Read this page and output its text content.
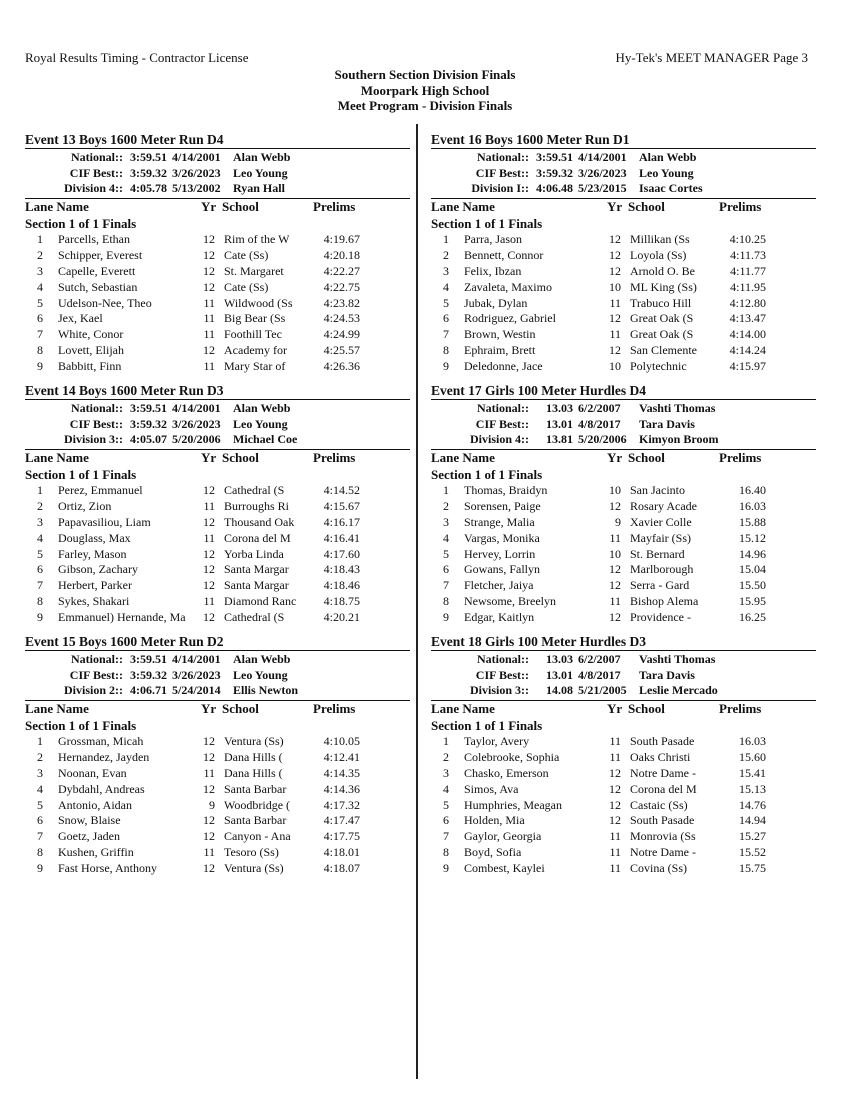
Royal Results Timing - Contractor License	Hy-Tek's MEET MANAGER Page 3
Southern Section Division Finals
Moorpark High School
Meet Program - Division Finals
Event 13 Boys 1600 Meter Run D4
National:: 3:59.51 4/14/2001 Alan Webb
CIF Best:: 3:59.32 3/26/2023 Leo Young
Division 4:: 4:05.78 5/13/2002 Ryan Hall
Lane Name	Yr School	Prelims
Section 1 of 1 Finals
1 Parcells, Ethan	12 Rim of the W	4:19.67
2 Schipper, Everest	12 Cate (Ss)	4:20.18
3 Capelle, Everett	12 St. Margaret	4:22.27
4 Sutch, Sebastian	12 Cate (Ss)	4:22.75
5 Udelson-Nee, Theo	11 Wildwood (Ss	4:23.82
6 Jex, Kael	11 Big Bear (Ss	4:24.53
7 White, Conor	11 Foothill Tec	4:24.99
8 Lovett, Elijah	12 Academy for	4:25.57
9 Babbitt, Finn	11 Mary Star of	4:26.36
Event 14 Boys 1600 Meter Run D3
National:: 3:59.51 4/14/2001 Alan Webb
CIF Best:: 3:59.32 3/26/2023 Leo Young
Division 3:: 4:05.07 5/20/2006 Michael Coe
Lane Name	Yr School	Prelims
Section 1 of 1 Finals
1 Perez, Emmanuel	12 Cathedral (S	4:14.52
2 Ortiz, Zion	11 Burroughs Ri	4:15.67
3 Papavasiliou, Liam	12 Thousand Oak	4:16.17
4 Douglass, Max	11 Corona del M	4:16.41
5 Farley, Mason	12 Yorba Linda	4:17.60
6 Gibson, Zachary	12 Santa Margar	4:18.43
7 Herbert, Parker	12 Santa Margar	4:18.46
8 Sykes, Shakari	11 Diamond Ranc	4:18.75
9 Emmanuel) Hernande, Ma	12 Cathedral (S	4:20.21
Event 15 Boys 1600 Meter Run D2
National:: 3:59.51 4/14/2001 Alan Webb
CIF Best:: 3:59.32 3/26/2023 Leo Young
Division 2:: 4:06.71 5/24/2014 Ellis Newton
Lane Name	Yr School	Prelims
Section 1 of 1 Finals
1 Grossman, Micah	12 Ventura (Ss)	4:10.05
2 Hernandez, Jayden	12 Dana Hills (	4:12.41
3 Noonan, Evan	11 Dana Hills (	4:14.35
4 Dybdahl, Andreas	12 Santa Barbar	4:14.36
5 Antonio, Aidan	9 Woodbridge (	4:17.32
6 Snow, Blaise	12 Santa Barbar	4:17.47
7 Goetz, Jaden	12 Canyon - Ana	4:17.75
8 Kushen, Griffin	11 Tesoro (Ss)	4:18.01
9 Fast Horse, Anthony	12 Ventura (Ss)	4:18.07
Event 16 Boys 1600 Meter Run D1
National:: 3:59.51 4/14/2001 Alan Webb
CIF Best:: 3:59.32 3/26/2023 Leo Young
Division I:: 4:06.48 5/23/2015 Isaac Cortes
Lane Name	Yr School	Prelims
Section 1 of 1 Finals
1 Parra, Jason	12 Millikan (Ss	4:10.25
2 Bennett, Connor	12 Loyola (Ss)	4:11.73
3 Felix, Ibzan	12 Arnold O. Be	4:11.77
4 Zavaleta, Maximo	10 ML King (Ss)	4:11.95
5 Jubak, Dylan	11 Trabuco Hill	4:12.80
6 Rodriguez, Gabriel	12 Great Oak (S	4:13.47
7 Brown, Westin	11 Great Oak (S	4:14.00
8 Ephraim, Brett	12 San Clemente	4:14.24
9 Deledonne, Jace	10 Polytechnic	4:15.97
Event 17 Girls 100 Meter Hurdles D4
National::	13.03 6/2/2007 Vashti Thomas
CIF Best::	13.01 4/8/2017 Tara Davis
Division 4::	13.81 5/20/2006 Kimyon Broom
Lane Name	Yr School	Prelims
Section 1 of 1 Finals
1 Thomas, Braidyn	10 San Jacinto	16.40
2 Sorensen, Paige	12 Rosary Acade	16.03
3 Strange, Malia	9 Xavier Colle	15.88
4 Vargas, Monika	11 Mayfair (Ss)	15.12
5 Hervey, Lorrin	10 St. Bernard	14.96
6 Gowans, Fallyn	12 Marlborough	15.04
7 Fletcher, Jaiya	12 Serra - Gard	15.50
8 Newsome, Breelyn	11 Bishop Alema	15.95
9 Edgar, Kaitlyn	12 Providence -	16.25
Event 18 Girls 100 Meter Hurdles D3
National::	13.03 6/2/2007 Vashti Thomas
CIF Best::	13.01 4/8/2017 Tara Davis
Division 3::	14.08 5/21/2005 Leslie Mercado
Lane Name	Yr School	Prelims
Section 1 of 1 Finals
1 Taylor, Avery	11 South Pasade	16.03
2 Colebrooke, Sophia	11 Oaks Christi	15.60
3 Chasko, Emerson	12 Notre Dame -	15.41
4 Simos, Ava	12 Corona del M	15.13
5 Humphries, Meagan	12 Castaic (Ss)	14.76
6 Holden, Mia	12 South Pasade	14.94
7 Gaylor, Georgia	11 Monrovia (Ss	15.27
8 Boyd, Sofia	11 Notre Dame -	15.52
9 Combest, Kaylei	11 Covina (Ss)	15.75
